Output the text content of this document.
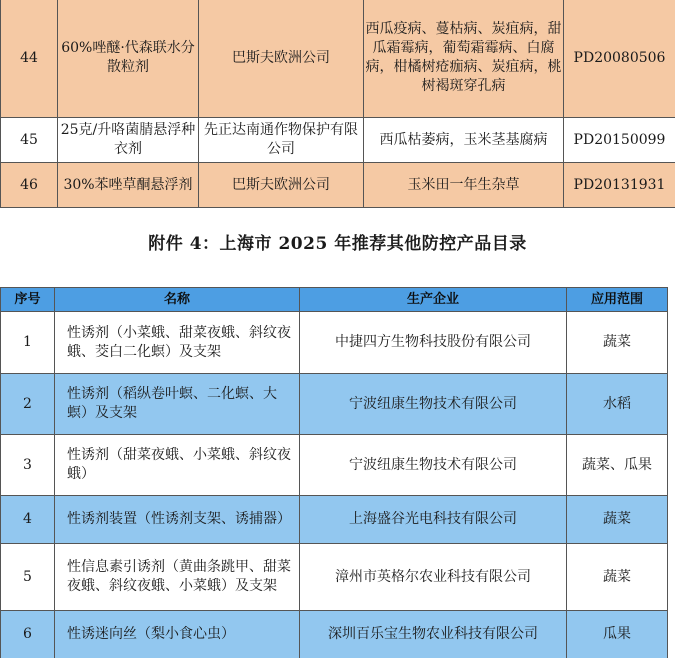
44	60%唑醚·代森联水分散粒剂	巴斯夫欧洲公司	西瓜疫病、蔓枯病、炭疽病，甜瓜霜霉病，葡萄霜霉病、白腐病，柑橘树疮痂病、炭疽病，桃树褐斑穿孔病	PD20080506
45	25克/升咯菌腈悬浮种衣剂	先正达南通作物保护有限公司	西瓜枯萎病，玉米茎基腐病	PD20150099
46	30%苯唑草酮悬浮剂	巴斯夫欧洲公司	玉米田一年生杂草	PD20131931
附件 4：上海市 2025 年推荐其他防控产品目录
序号	名称	生产企业	应用范围
1	性诱剂（小菜蛾、甜菜夜蛾、斜纹夜蛾、茭白二化螟）及支架	中捷四方生物科技股份有限公司	蔬菜
2	性诱剂（稻纵卷叶螟、二化螟、大螟）及支架	宁波纽康生物技术有限公司	水稻
3	性诱剂（甜菜夜蛾、小菜蛾、斜纹夜蛾）	宁波纽康生物技术有限公司	蔬菜、瓜果
4	性诱剂装置（性诱剂支架、诱捕器）	上海盛谷光电科技有限公司	蔬菜
5	性信息素引诱剂（黄曲条跳甲、甜菜夜蛾、斜纹夜蛾、小菜蛾）及支架	漳州市英格尔农业科技有限公司	蔬菜
6	性诱迷向丝（梨小食心虫）	深圳百乐宝生物农业科技有限公司	瓜果
